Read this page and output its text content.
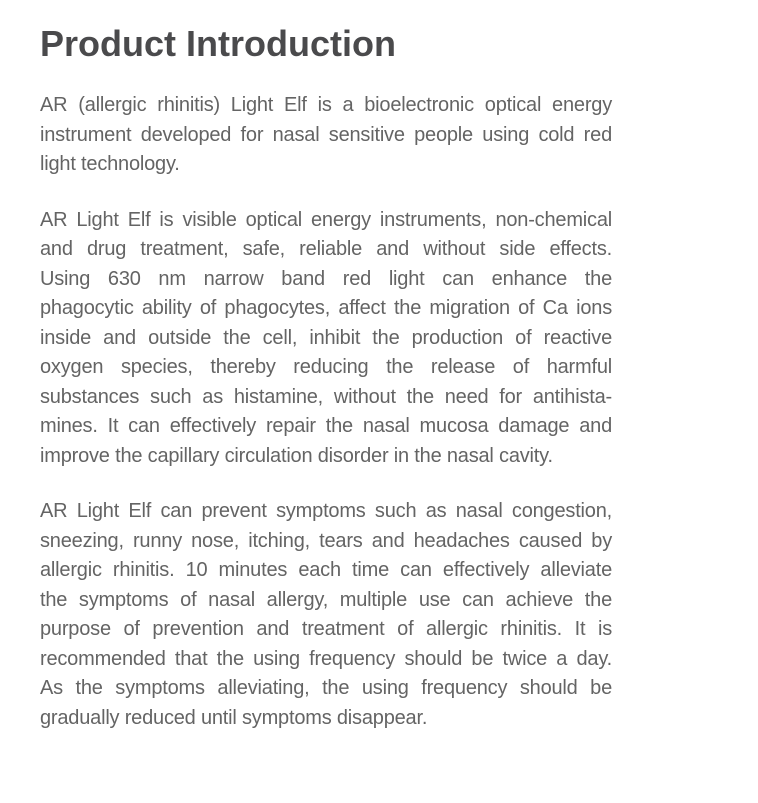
Product Introduction
AR (allergic rhinitis) Light Elf is a bioelectronic optical energy
instrument developed for nasal sensitive people using cold red
light technology.
AR Light Elf is visible optical energy instruments, non-chemical
and drug treatment, safe, reliable and without side effects.
Using 630 nm narrow band red light can enhance the
phagocytic ability of phagocytes, affect the migration of Ca ions
inside and outside the cell, inhibit the production of reactive
oxygen species, thereby reducing the release of harmful
substances such as histamine, without the need for antihista-
mines. It can effectively repair the nasal mucosa damage and
improve the capillary circulation disorder in the nasal cavity.
AR Light Elf can prevent symptoms such as nasal congestion,
sneezing, runny nose, itching, tears and headaches caused by
allergic rhinitis. 10 minutes each time can effectively alleviate
the symptoms of nasal allergy, multiple use can achieve the
purpose of prevention and treatment of allergic rhinitis. It is
recommended that the using frequency should be twice a day.
As the symptoms alleviating, the using frequency should be
gradually reduced until symptoms disappear.
